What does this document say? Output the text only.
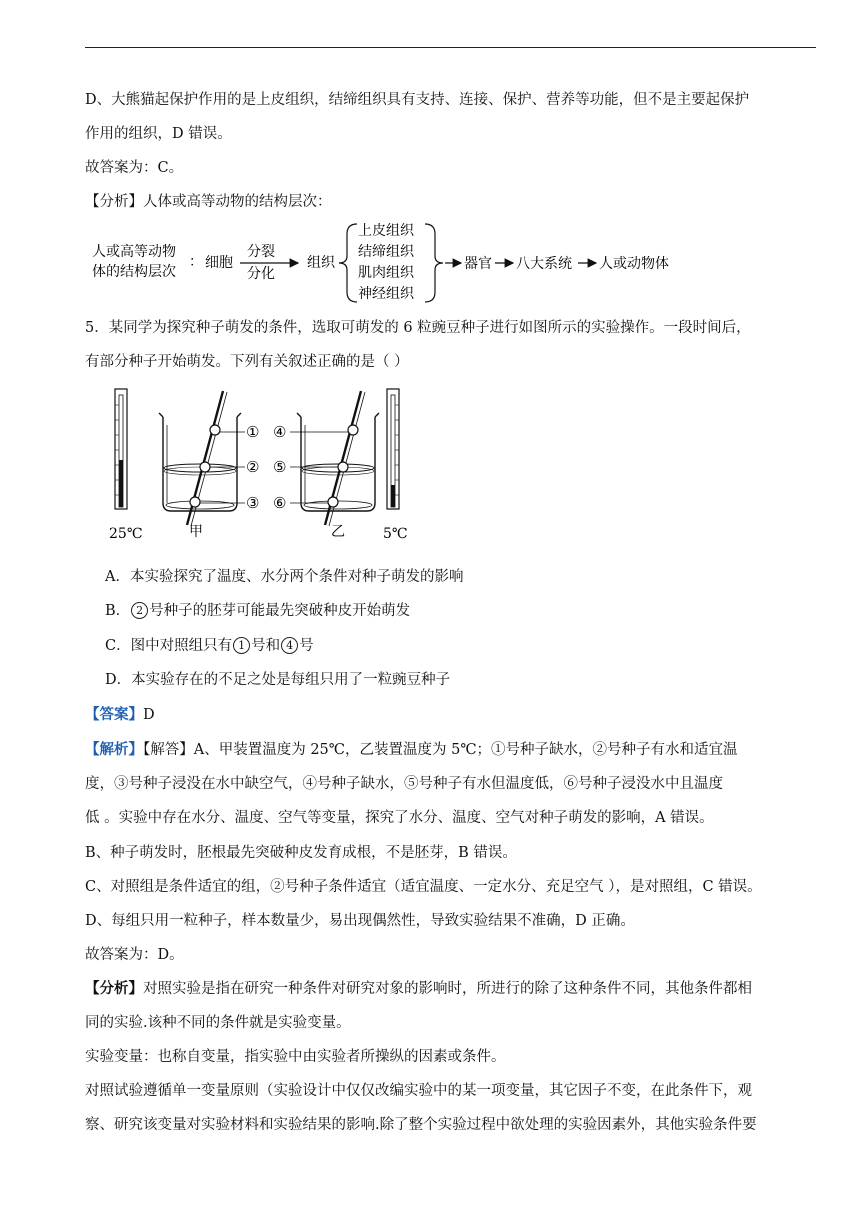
D、大熊猫起保护作用的是上皮组织，结缔组织具有支持、连接、保护、营养等功能，但不是主要起保护
作用的组织，D 错误。
故答案为：C。
【分析】人体或高等动物的结构层次：
人或高等动物
体的结构层次
： 细胞
分裂
分化
组织
上皮组织
结缔组织
肌肉组织
神经组织
器官 八大系统 人或动物体
5．某同学为探究种子萌发的条件，选取可萌发的 6 粒豌豆种子进行如图所示的实验操作。一段时间后，
有部分种子开始萌发。下列有关叙述正确的是（ ）
25℃
①
②
③
甲
④
⑤
⑥
乙	5℃
A．本实验探究了温度、水分两个条件对种子萌发的影响
B． 2 号种子的胚芽可能最先突破种皮开始萌发
C．图中对照组只有 1 号和 4 号
D．本实验存在的不足之处是每组只用了一粒豌豆种子
【答案】D
【解析】【解答】A、甲装置温度为 25℃，乙装置温度为 5℃；①号种子缺水，②号种子有水和适宜温
度，③号种子浸没在水中缺空气，④号种子缺水，⑤号种子有水但温度低，⑥号种子浸没水中且温度
低 。实验中存在水分、温度、空气等变量，探究了水分、温度、空气对种子萌发的影响，A 错误。
B、种子萌发时，胚根最先突破种皮发育成根，不是胚芽，B 错误。
C、对照组是条件适宜的组，②号种子条件适宜（适宜温度、一定水分、充足空气 ），是对照组，C 错误。
D、每组只用一粒种子，样本数量少，易出现偶然性，导致实验结果不准确，D 正确。
故答案为：D。
【分析】对照实验是指在研究一种条件对研究对象的影响时，所进行的除了这种条件不同，其他条件都相
同的实验.该种不同的条件就是实验变量。
实验变量：也称自变量，指实验中由实验者所操纵的因素或条件。
对照试验遵循单一变量原则（实验设计中仅仅改编实验中的某一项变量，其它因子不变，在此条件下，观
察、研究该变量对实验材料和实验结果的影响.除了整个实验过程中欲处理的实验因素外，其他实验条件要
